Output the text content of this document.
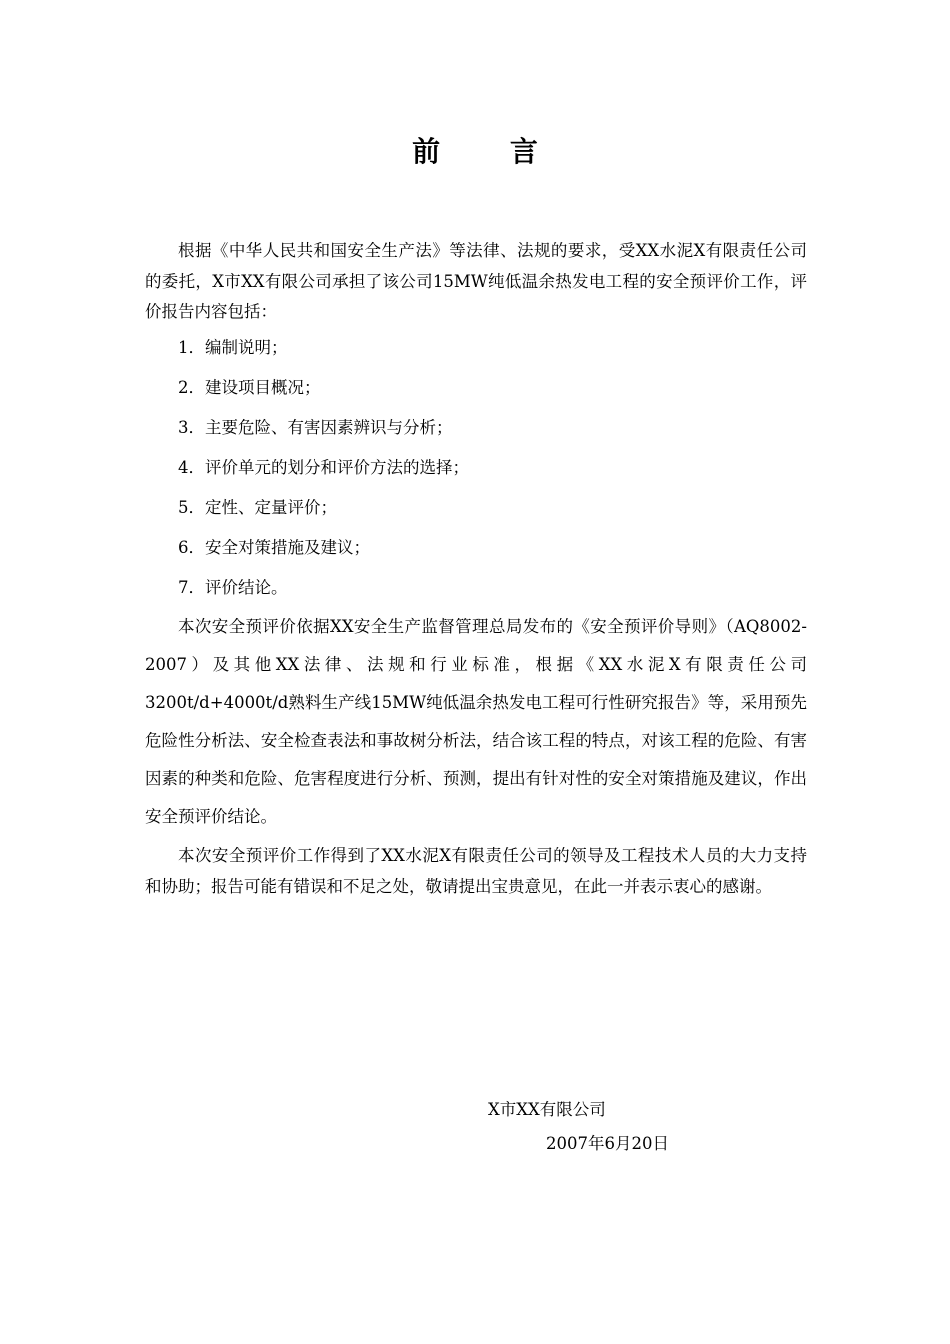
前 言

根据《中华人民共和国安全生产法》等法律、法规的要求，受XX水泥X有限责任公司的委托，X市XX有限公司承担了该公司15MW纯低温余热发电工程的安全预评价工作，评价报告内容包括：

1．编制说明；
2．建设项目概况；
3．主要危险、有害因素辨识与分析；
4．评价单元的划分和评价方法的选择；
5．定性、定量评价；
6．安全对策措施及建议；
7．评价结论。

本次安全预评价依据XX安全生产监督管理总局发布的《安全预评价导则》（AQ8002-2007）及其他XX法律、法规和行业标准，根据《XX水泥X有限责任公司3200t/d+4000t/d熟料生产线15MW纯低温余热发电工程可行性研究报告》等，采用预先危险性分析法、安全检查表法和事故树分析法，结合该工程的特点，对该工程的危险、有害因素的种类和危险、危害程度进行分析、预测，提出有针对性的安全对策措施及建议，作出安全预评价结论。

本次安全预评价工作得到了XX水泥X有限责任公司的领导及工程技术人员的大力支持和协助；报告可能有错误和不足之处，敬请提出宝贵意见，在此一并表示衷心的感谢。

X市XX有限公司
2007年6月20日
